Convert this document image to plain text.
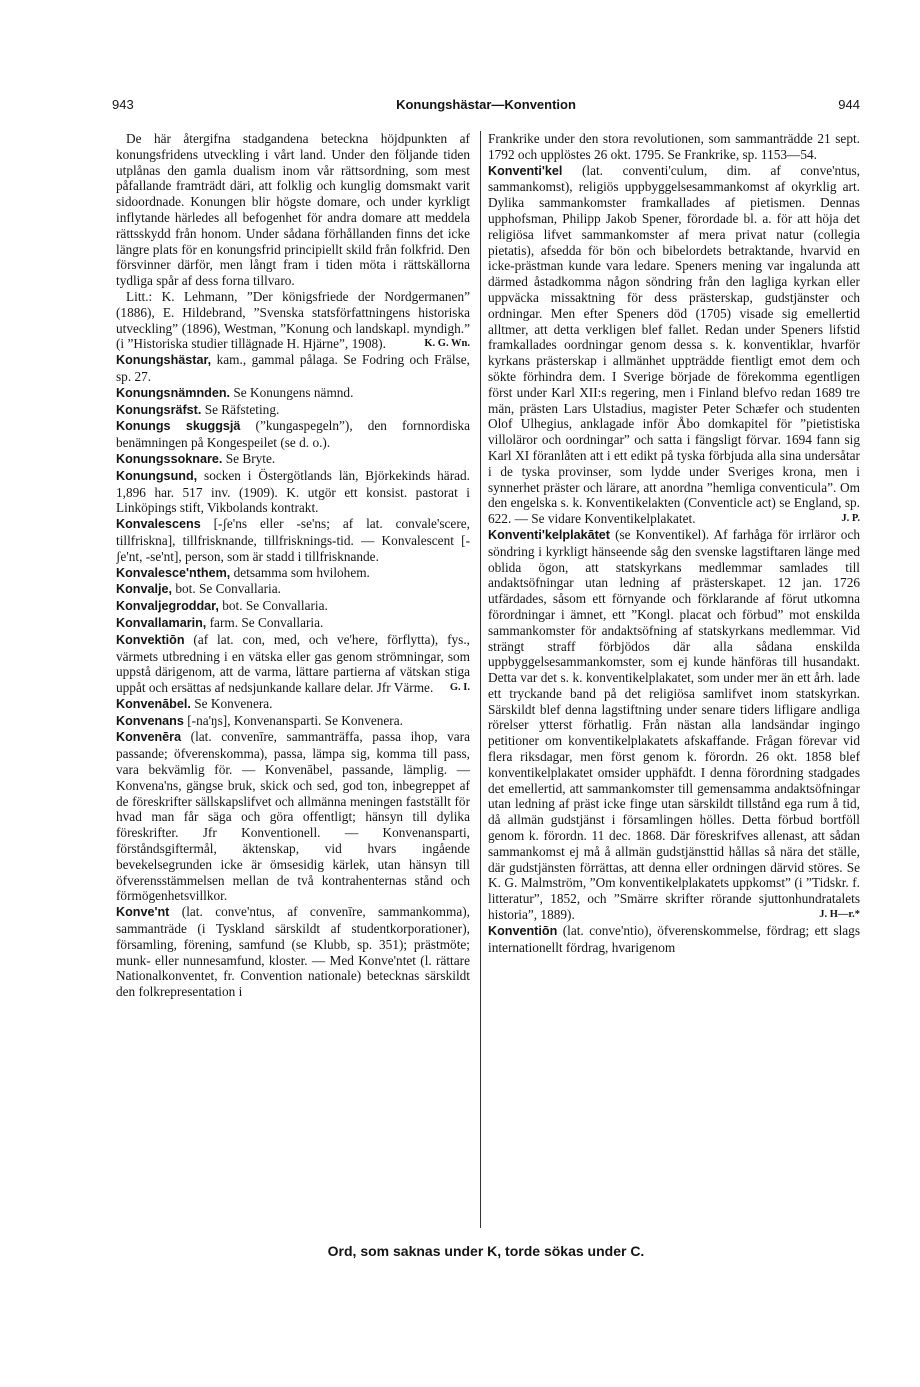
943	Konungshästar—Konvention	944

De här återgifna stadgandena beteckna höjdpunkten af konungsfridens utveckling i vårt land. Under den följande tiden utplånas den gamla dualism inom vår rättsordning, som mest påfallande framträdt däri, att folklig och kunglig domsmakt varit sidoordnade. Konungen blir högste domare, och under kyrkligt inflytande härledes all befogenhet för andra domare att meddela rättsskydd från honom. Under sådana förhållanden finns det icke längre plats för en konungsfrid principiellt skild från folkfrid. Den försvinner därför, men långt fram i tiden möta i rättskällorna tydliga spår af dess forna tillvaro.

Litt.: K. Lehmann, ”Der königsfriede der Nordgermanen” (1886), E. Hildebrand, ”Svenska statsförfattningens historiska utveckling” (1896), Westman, ”Konung och landskapl. myndigh.” (i ”Historiska studier tillägnade H. Hjärne”, 1908).	K. G. Wn.

Konungshästar, kam., gammal pålaga. Se Fodring och Frälse, sp. 27.

Konungsnämnden. Se Konungens nämnd.

Konungsräfst. Se Räfsteting.

Konungs skuggsjä (”kungaspegeln”), den fornnordiska benämningen på Kongespeilet (se d. o.).

Konungssoknare. Se Bryte.

Konungsund, socken i Östergötlands län, Björkekinds härad. 1,896 har. 517 inv. (1909). K. utgör ett konsist. pastorat i Linköpings stift, Vikbolands kontrakt.

Konvalescens [-ʃe'ns eller -se'ns; af lat. convale'scere, tillfriskna], tillfrisknande, tillfrisknings-tid. — Konvalescent [-ʃe'nt, -se'nt], person, som är stadd i tillfrisknande.

Konvalesce'nthem, detsamma som hvilohem.

Konvalje, bot. Se Convallaria.

Konvaljegroddar, bot. Se Convallaria.

Konvallamarin, farm. Se Convallaria.

Konvektiōn (af lat. con, med, och ve'here, förflytta), fys., värmets utbredning i en vätska eller gas genom strömningar, som uppstå därigenom, att de varma, lättare partierna af vätskan stiga uppåt och ersättas af nedsjunkande kallare delar. Jfr Värme. G. I.

Konvenābel. Se Konvenera.

Konvenans [-na'ŋs], Konvenansparti. Se Konvenera.

Konvenēra (lat. convenīre, sammanträffa, passa ihop, vara passande; öfverenskomma), passa, lämpa sig, komma till pass, vara bekvämlig för. — Konvenābel, passande, lämplig. — Konvena'ns, gängse bruk, skick och sed, god ton, inbegreppet af de föreskrifter sällskapslifvet och allmänna meningen fastställt för hvad man får säga och göra offentligt; hänsyn till dylika föreskrifter. Jfr Konventionell. — Konvenansparti, förståndsgiftermål, äktenskap, vid hvars ingående bevekelsegrunden icke är ömsesidig kärlek, utan hänsyn till öfverensstämmelsen mellan de två kontrahenternas stånd och förmögenhetsvillkor.

Konve'nt (lat. conve'ntus, af convenīre, sammankomma), sammanträde (i Tyskland särskildt af studentkorporationer), församling, förening, samfund (se Klubb, sp. 351); prästmöte; munk- eller nunnesamfund, kloster. — Med Konve'ntet (l. rättare Nationalkonventet, fr. Convention nationale) betecknas särskildt den folkrepresentation i

Frankrike under den stora revolutionen, som sammanträdde 21 sept. 1792 och upplöstes 26 okt. 1795. Se Frankrike, sp. 1153—54.

Konventi'kel (lat. conventi'culum, dim. af conve'ntus, sammankomst), religiös uppbyggelsesammankomst af okyrklig art. Dylika sammankomster framkallades af pietismen. Dennas upphofsman, Philipp Jakob Spener, förordade bl. a. för att höja det religiösa lifvet sammankomster af mera privat natur (collegia pietatis), afsedda för bön och bibelordets betraktande, hvarvid en icke-prästman kunde vara ledare. Speners mening var ingalunda att därmed åstadkomma någon söndring från den lagliga kyrkan eller uppväcka missaktning för dess prästerskap, gudstjänster och ordningar. Men efter Speners död (1705) visade sig emellertid alltmer, att detta verkligen blef fallet. Redan under Speners lifstid framkallades oordningar genom dessa s. k. konventiklar, hvarför kyrkans prästerskap i allmänhet uppträdde fientligt emot dem och sökte förhindra dem. I Sverige började de förekomma egentligen först under Karl XII:s regering, men i Finland blefvo redan 1689 tre män, prästen Lars Ulstadius, magister Peter Schæfer och studenten Olof Ulhegius, anklagade inför Åbo domkapitel för ”pietistiska villoläror och oordningar” och satta i fängsligt förvar. 1694 fann sig Karl XI föranlåten att i ett edikt på tyska förbjuda alla sina undersåtar i de tyska provinser, som lydde under Sveriges krona, men i synnerhet präster och lärare, att anordna ”hemliga conventicula”. Om den engelska s. k. Konventikelakten (Conventicle act) se England, sp. 622. — Se vidare Konventikelplakatet.	J. P.

Konventi'kelplakātet (se Konventikel). Af farhåga för irrläror och söndring i kyrkligt hänseende såg den svenske lagstiftaren länge med oblida ögon, att statskyrkans medlemmar samlades till andaktsöfningar utan ledning af prästerskapet. 12 jan. 1726 utfärdades, såsom ett förnyande och förklarande af förut utkomna förordningar i ämnet, ett ”Kongl. placat och förbud” mot enskilda sammankomster för andaktsöfning af statskyrkans medlemmar. Vid strängt straff förbjödos där alla sådana enskilda uppbyggelsesammankomster, som ej kunde hänföras till husandakt. Detta var det s. k. konventikelplakatet, som under mer än ett årh. lade ett tryckande band på det religiösa samlifvet inom statskyrkan. Särskildt blef denna lagstiftning under senare tiders lifligare andliga rörelser ytterst förhatlig. Från nästan alla landsändar ingingo petitioner om konventikelplakatets afskaffande. Frågan förevar vid flera riksdagar, men först genom k. förordn. 26 okt. 1858 blef konventikelplakatet omsider upphäfdt. I denna förordning stadgades det emellertid, att sammankomster till gemensamma andaktsöfningar utan ledning af präst icke finge utan särskildt tillstånd ega rum å tid, då allmän gudstjänst i församlingen hölles. Detta förbud bortföll genom k. förordn. 11 dec. 1868. Där föreskrifves allenast, att sådan sammankomst ej må å allmän gudstjänsttid hållas så nära det ställe, där gudstjänsten förrättas, att denna eller ordningen därvid störes. Se K. G. Malmström, ”Om konventikelplakatets uppkomst” (i ”Tidskr. f. litteratur”, 1852, och ”Smärre skrifter rörande sjuttonhundratalets historia”, 1889).	J. H—r.*

Konventiōn (lat. conve'ntio), öfverenskommelse, fördrag; ett slags internationellt fördrag, hvarigenom

Ord, som saknas under K, torde sökas under C.
